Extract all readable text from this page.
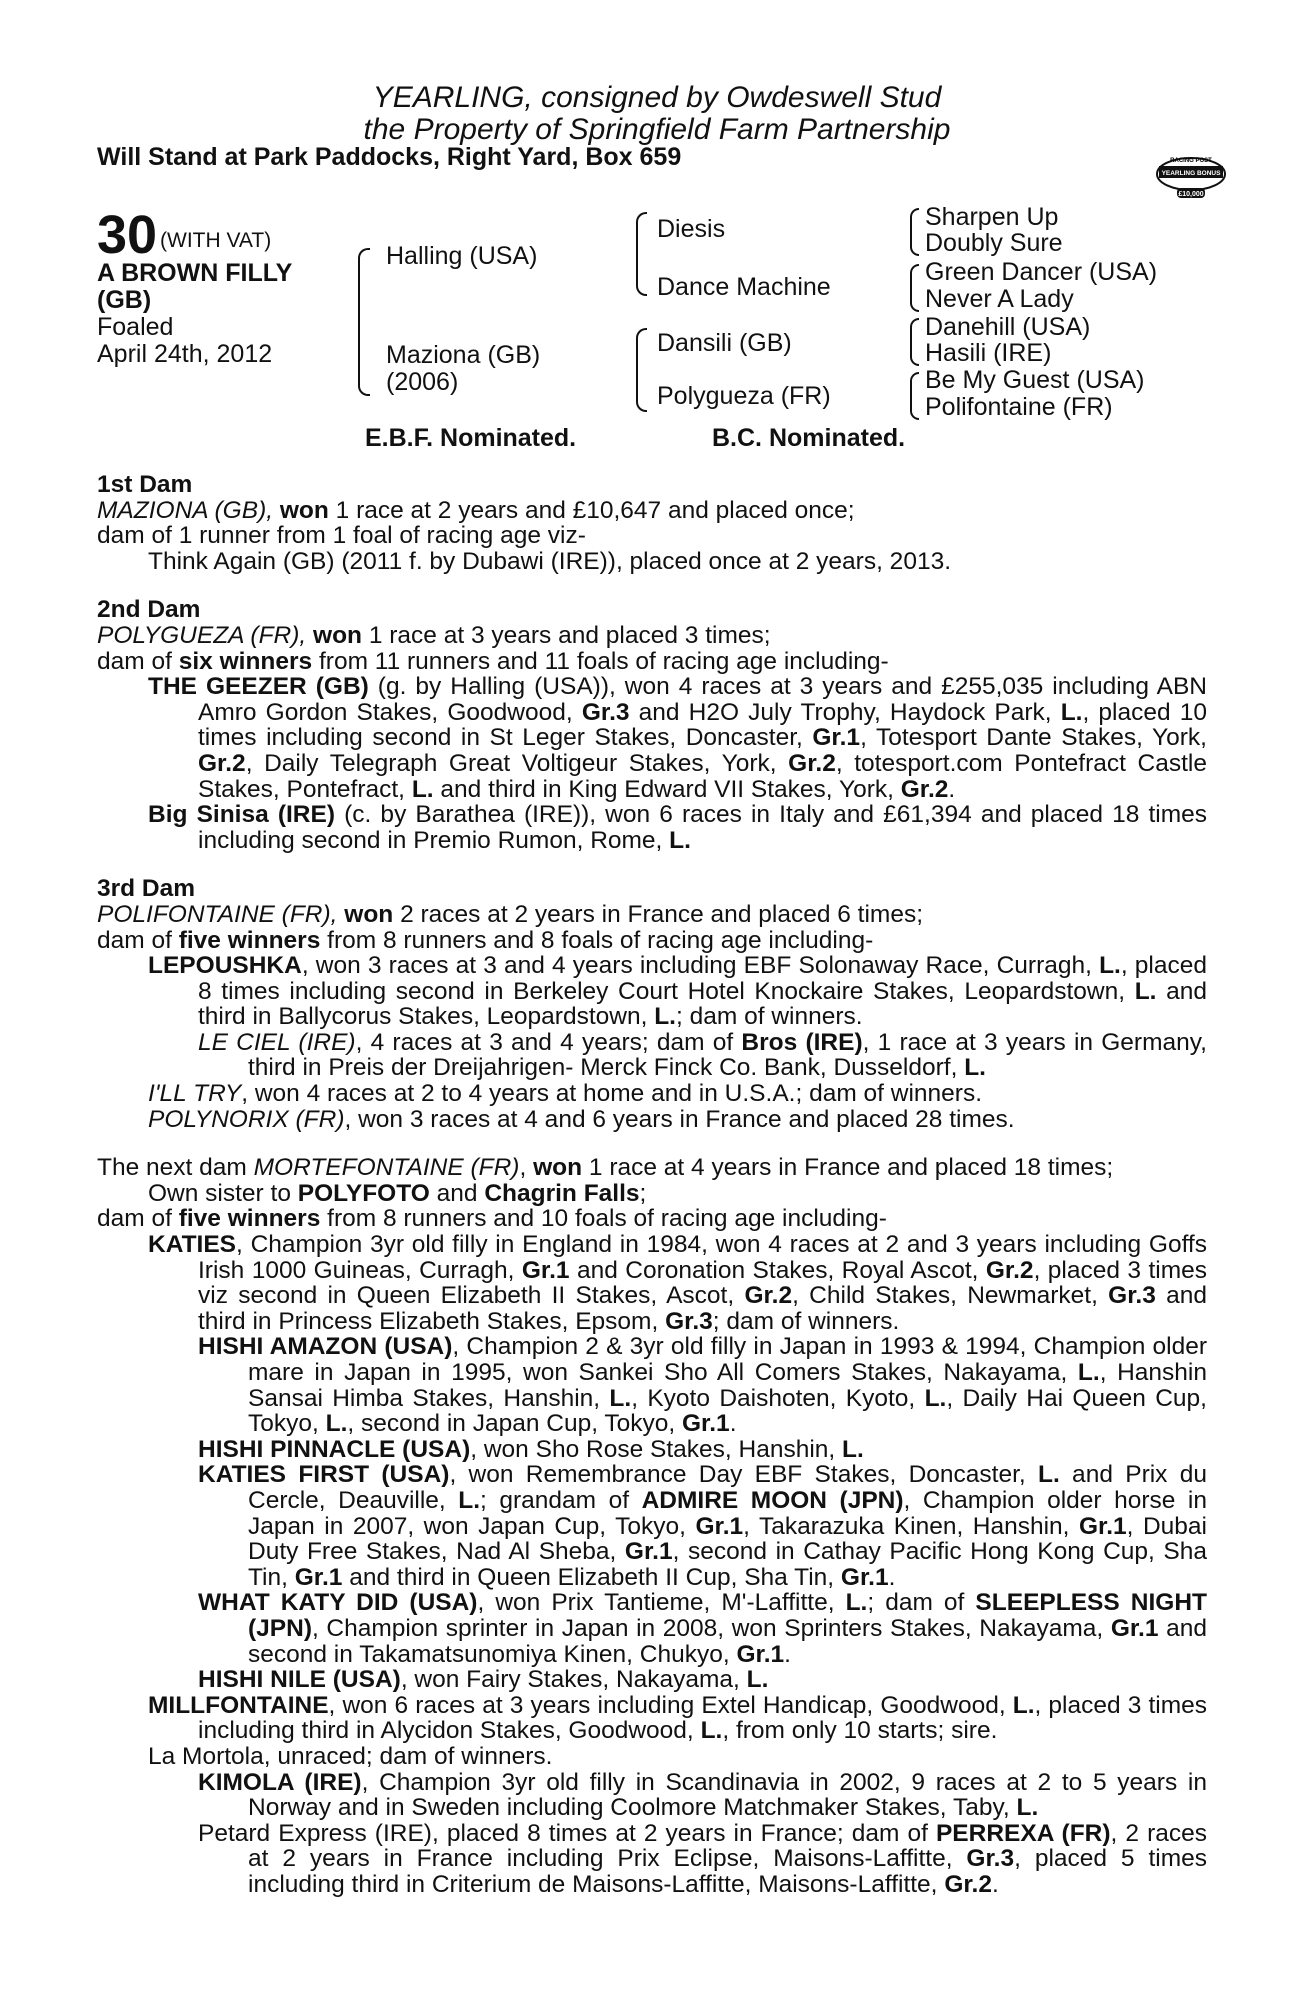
YEARLING, consigned by Owdeswell Stud
the Property of Springfield Farm Partnership
Will Stand at Park Paddocks, Right Yard, Box 659	RACING POST
YEARLING BONUS
£10,000
30 (WITH VAT)
A BROWN FILLY (GB)
Foaled
April 24th, 2012
Halling (USA)
Maziona (GB)
(2006)
Diesis
Dance Machine
Dansili (GB)
Polygueza (FR)
Sharpen Up
Doubly Sure
Green Dancer (USA)
Never A Lady
Danehill (USA)
Hasili (IRE)
Be My Guest (USA)
Polifontaine (FR)
E.B.F. Nominated.	B.C. Nominated.

1st Dam

MAZIONA (GB), won 1 race at 2 years and £10,647 and placed once;

dam of 1 runner from 1 foal of racing age viz-

Think Again (GB) (2011 f. by Dubawi (IRE)), placed once at 2 years, 2013.

2nd Dam

POLYGUEZA (FR), won 1 race at 3 years and placed 3 times;

dam of six winners from 11 runners and 11 foals of racing age including-

THE GEEZER (GB) (g. by Halling (USA)), won 4 races at 3 years and £255,035 including ABN Amro Gordon Stakes, Goodwood, Gr.3 and H2O July Trophy, Haydock Park, L., placed 10 times including second in St Leger Stakes, Doncaster, Gr.1, Totesport Dante Stakes, York, Gr.2, Daily Telegraph Great Voltigeur Stakes, York, Gr.2, totesport.com Pontefract Castle Stakes, Pontefract, L. and third in King Edward VII Stakes, York, Gr.2.

Big Sinisa (IRE) (c. by Barathea (IRE)), won 6 races in Italy and £61,394 and placed 18 times including second in Premio Rumon, Rome, L.

3rd Dam

POLIFONTAINE (FR), won 2 races at 2 years in France and placed 6 times;

dam of five winners from 8 runners and 8 foals of racing age including-

LEPOUSHKA, won 3 races at 3 and 4 years including EBF Solonaway Race, Curragh, L., placed 8 times including second in Berkeley Court Hotel Knockaire Stakes, Leopardstown, L. and third in Ballycorus Stakes, Leopardstown, L.; dam of winners.

LE CIEL (IRE), 4 races at 3 and 4 years; dam of Bros (IRE), 1 race at 3 years in Germany, third in Preis der Dreijahrigen- Merck Finck Co. Bank, Dusseldorf, L.

I'LL TRY, won 4 races at 2 to 4 years at home and in U.S.A.; dam of winners.

POLYNORIX (FR), won 3 races at 4 and 6 years in France and placed 28 times.

The next dam MORTEFONTAINE (FR), won 1 race at 4 years in France and placed 18 times;

Own sister to POLYFOTO and Chagrin Falls;

dam of five winners from 8 runners and 10 foals of racing age including-

KATIES, Champion 3yr old filly in England in 1984, won 4 races at 2 and 3 years including Goffs Irish 1000 Guineas, Curragh, Gr.1 and Coronation Stakes, Royal Ascot, Gr.2, placed 3 times viz second in Queen Elizabeth II Stakes, Ascot, Gr.2, Child Stakes, Newmarket, Gr.3 and third in Princess Elizabeth Stakes, Epsom, Gr.3; dam of winners.

HISHI AMAZON (USA), Champion 2 & 3yr old filly in Japan in 1993 & 1994, Champion older mare in Japan in 1995, won Sankei Sho All Comers Stakes, Nakayama, L., Hanshin Sansai Himba Stakes, Hanshin, L., Kyoto Daishoten, Kyoto, L., Daily Hai Queen Cup, Tokyo, L., second in Japan Cup, Tokyo, Gr.1.

HISHI PINNACLE (USA), won Sho Rose Stakes, Hanshin, L.

KATIES FIRST (USA), won Remembrance Day EBF Stakes, Doncaster, L. and Prix du Cercle, Deauville, L.; grandam of ADMIRE MOON (JPN), Champion older horse in Japan in 2007, won Japan Cup, Tokyo, Gr.1, Takarazuka Kinen, Hanshin, Gr.1, Dubai Duty Free Stakes, Nad Al Sheba, Gr.1, second in Cathay Pacific Hong Kong Cup, Sha Tin, Gr.1 and third in Queen Elizabeth II Cup, Sha Tin, Gr.1.

WHAT KATY DID (USA), won Prix Tantieme, M'-Laffitte, L.; dam of SLEEPLESS NIGHT (JPN), Champion sprinter in Japan in 2008, won Sprinters Stakes, Nakayama, Gr.1 and second in Takamatsunomiya Kinen, Chukyo, Gr.1.

HISHI NILE (USA), won Fairy Stakes, Nakayama, L.

MILLFONTAINE, won 6 races at 3 years including Extel Handicap, Goodwood, L., placed 3 times including third in Alycidon Stakes, Goodwood, L., from only 10 starts; sire.

La Mortola, unraced; dam of winners.

KIMOLA (IRE), Champion 3yr old filly in Scandinavia in 2002, 9 races at 2 to 5 years in Norway and in Sweden including Coolmore Matchmaker Stakes, Taby, L.

Petard Express (IRE), placed 8 times at 2 years in France; dam of PERREXA (FR), 2 races at 2 years in France including Prix Eclipse, Maisons-Laffitte, Gr.3, placed 5 times including third in Criterium de Maisons-Laffitte, Maisons-Laffitte, Gr.2.
